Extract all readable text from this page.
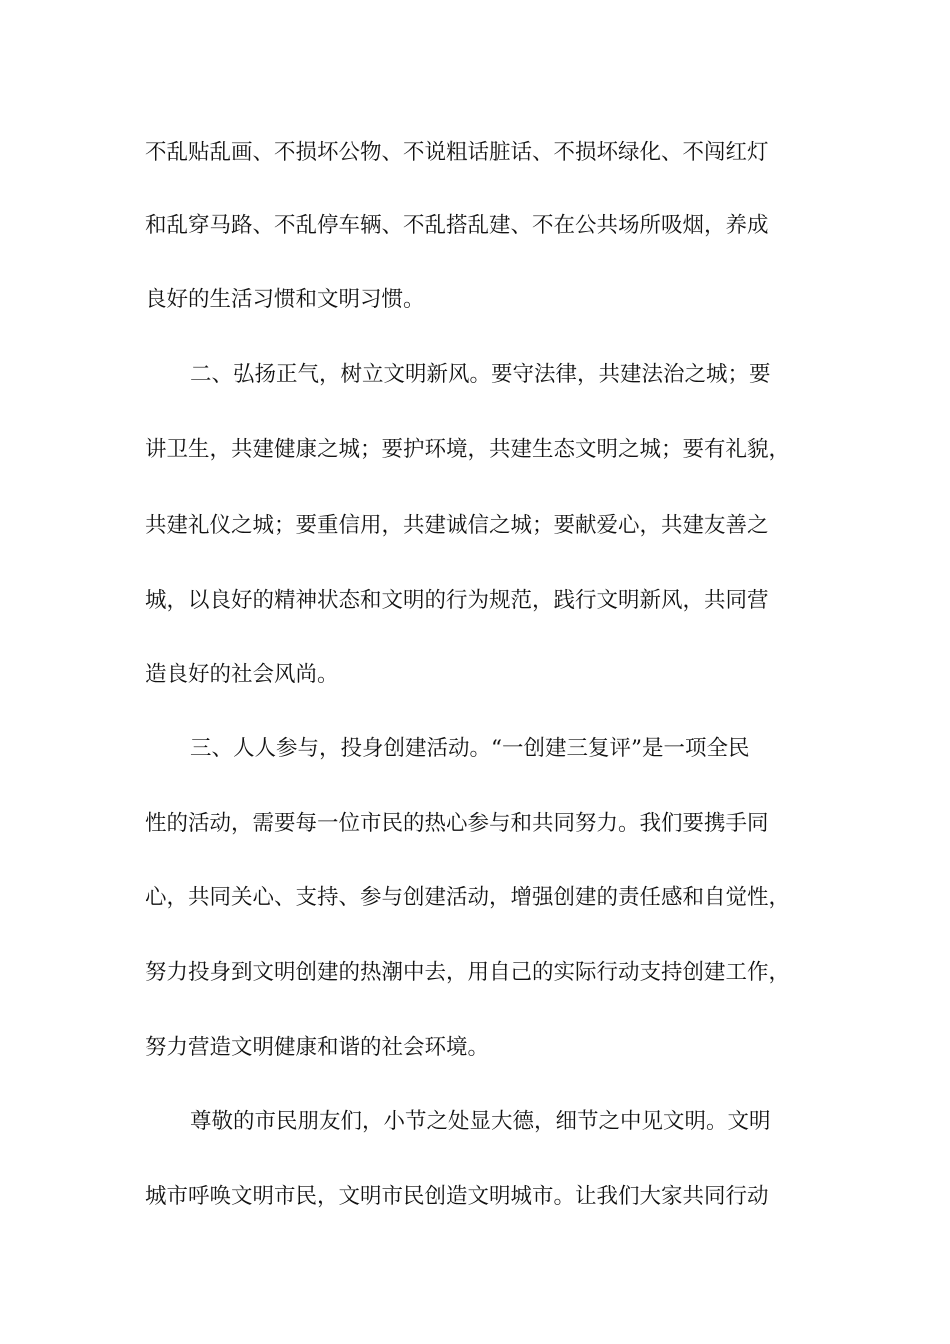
不乱贴乱画、不损坏公物、不说粗话脏话、不损坏绿化、不闯红灯
和乱穿马路、不乱停车辆、不乱搭乱建、不在公共场所吸烟，养成
良好的生活习惯和文明习惯。
二、弘扬正气，树立文明新风。要守法律，共建法治之城；要
讲卫生，共建健康之城；要护环境，共建生态文明之城；要有礼貌，
共建礼仪之城；要重信用，共建诚信之城；要献爱心，共建友善之
城，以良好的精神状态和文明的行为规范，践行文明新风，共同营
造良好的社会风尚。
三、人人参与，投身创建活动。“一创建三复评”是一项全民
性的活动，需要每一位市民的热心参与和共同努力。我们要携手同
心，共同关心、支持、参与创建活动，增强创建的责任感和自觉性，
努力投身到文明创建的热潮中去，用自己的实际行动支持创建工作，
努力营造文明健康和谐的社会环境。
尊敬的市民朋友们，小节之处显大德，细节之中见文明。文明
城市呼唤文明市民，文明市民创造文明城市。让我们大家共同行动
